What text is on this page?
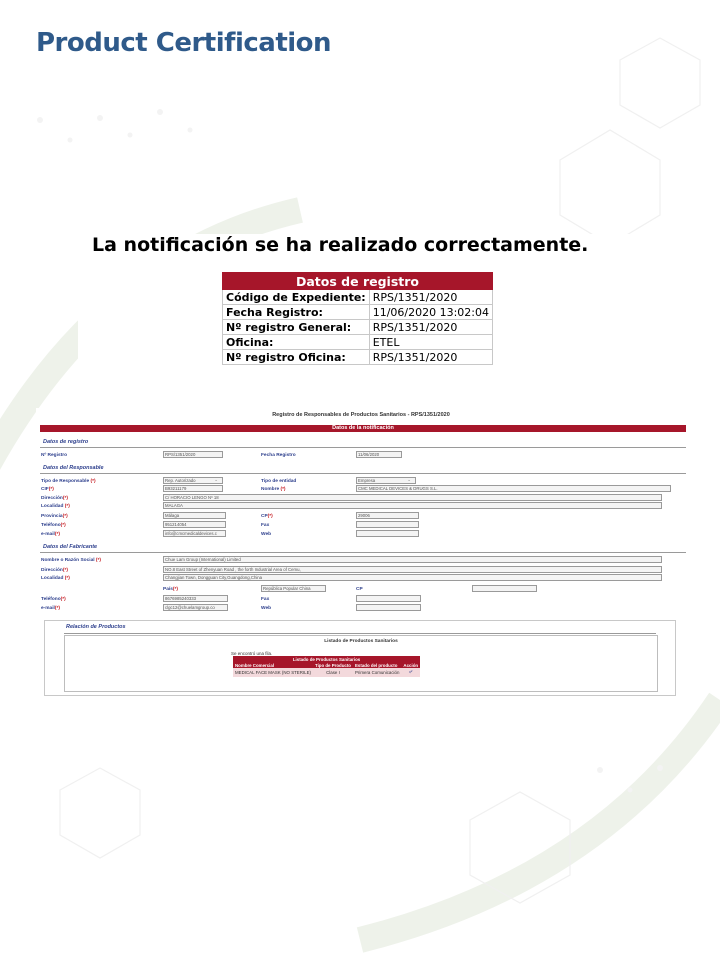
Product Certification
La notificación se ha realizado correctamente.
Datos de registro	
Código de Expediente:	RPS/1351/2020
Fecha Registro:	11/06/2020 13:02:04
Nº registro General:	RPS/1351/2020
Oficina:	ETEL
Nº registro Oficina:	RPS/1351/2020
Registro de Responsables de Productos Sanitarios - RPS/1351/2020
Datos de la notificación
Datos de registro
Nº Registro	RPS/1351/2020	Fecha Registro	11/06/2020
Datos del Responsable
Tipo de Responsable (*)	Rep. Autorizado ⌄	Tipo de entidad	Empresa ⌄
CIF(*)	B93211179	Nombre (*)	CMC MEDICAL DEVICES & DRUGS S.L.
Dirección(*)	C/ HORACIO LENGO Nº 18
Localidad (*)	MALAGA
Provincia(*)	Málaga	CP(*)	29006
Teléfono(*)	951214054	Fax
e-mail(*)	info@cmcmedicaldevices.c	Web
Datos del Fabricante
Nombre o Razón Social (*)	Chue Lam Group (International) Limited
Dirección(*)	NO.8 East Street of Zhenyuan Road , the forth Industrial Area of Cemu,
Localidad (*)	Changjian Town, Dongguan City,Guangdong,China
País(*)	República Popular China	CP
Teléfono(*)	8676985240333	Fax
e-mail(*)	clgc12@chuelamgroup.co	Web
Relación de Productos
Listado de Productos Sanitarios
Se encontró una fila.
Listado de Productos Sanitarios			
Nombre Comercial	Tipo de Producto	Estado del producto	Acción
MEDICAL FACE MASK (NO STERILE)	Clase I	Primera Comunicación	⤶
